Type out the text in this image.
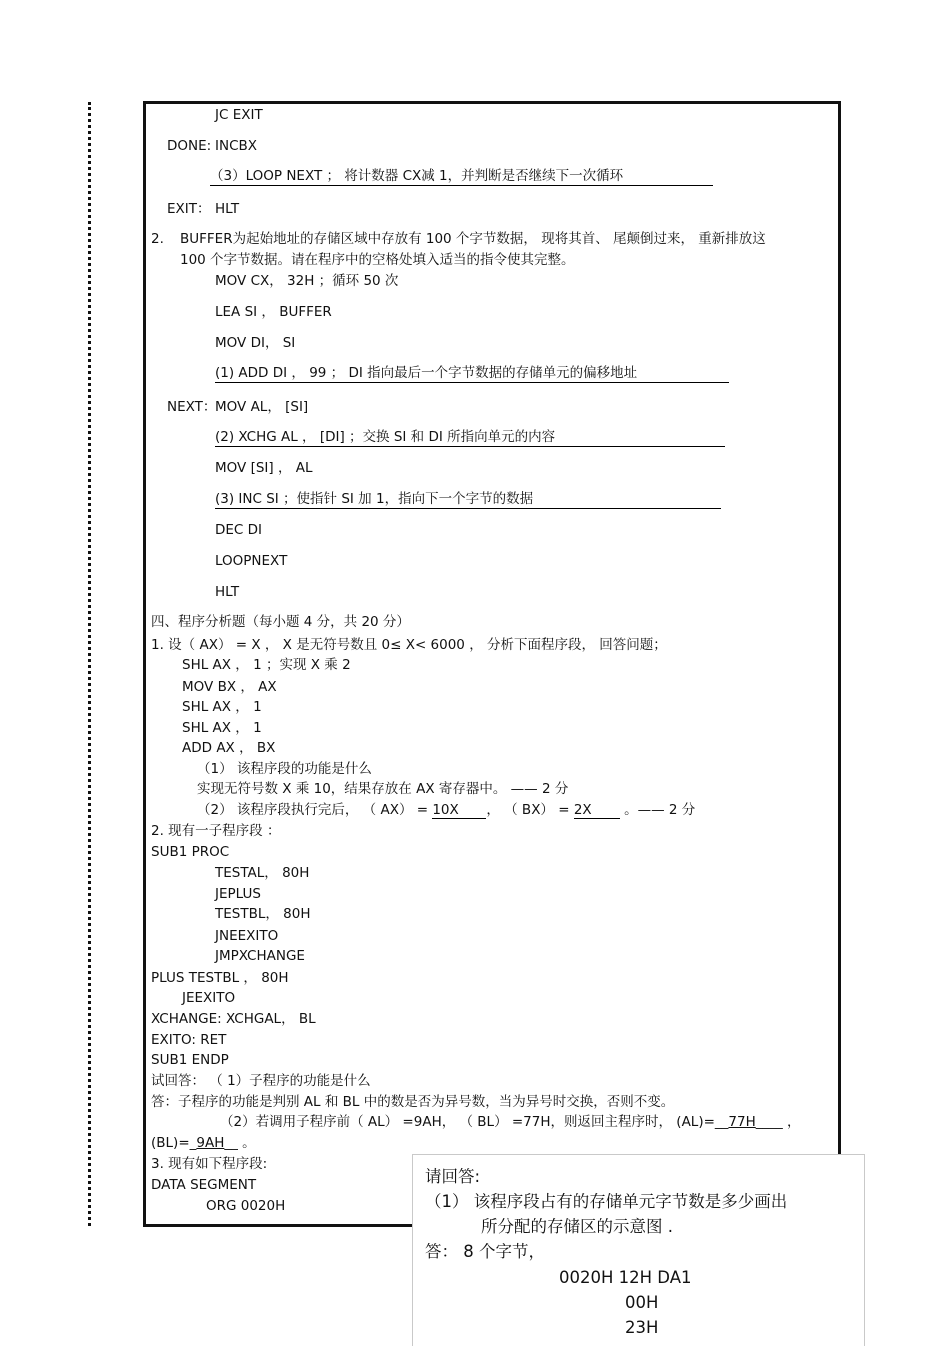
JC EXIT
DONE: INCBX
（3）LOOP NEXT ； 将计数器 CX减 1，并判断是否继续下一次循环
EXIT： HLT
2. BUFFER为起始地址的存储区域中存放有 100 个字节数据， 现将其首、 尾颠倒过来， 重新排放这
100 个字节数据。请在程序中的空格处填入适当的指令使其完整。
MOV CX， 32H ；循环 50 次
LEA SI ， BUFFER
MOV DI， SI
(1) ADD DI ， 99 ； DI 指向最后一个字节数据的存储单元的偏移地址
NEXT：
MOV AL， [SI]
(2) XCHG AL ， [DI] ；交换 SI 和 DI 所指向单元的内容
MOV [SI] ， AL
(3) INC SI ；使指针 SI 加 1，指向下一个字节的数据
DEC DI
LOOPNEXT
HLT
四、程序分析题（每小题 4 分，共 20 分）
1. 设（ AX） = X ， X 是无符号数且 0≤ X< 6000 ， 分析下面程序段， 回答问题；
SHL AX ， 1 ；实现 X 乘 2
MOV BX ， AX
SHL AX ， 1
SHL AX ， 1
ADD AX ， BX
（1） 该程序段的功能是什么
实现无符号数 X 乘 10，结果存放在 AX 寄存器中。 —— 2 分
（2） 该程序段执行完后， （ AX） = 10X ， （ BX） = 2X 。—— 2 分
2. 现有一子程序段 ：
SUB1 PROC
TESTAL， 80H
JEPLUS
TESTBL， 80H
JNEEXITO
JMPXCHANGE
PLUS TESTBL ， 80H
JEEXITO
XCHANGE: XCHGAL， BL
EXITO: RET
SUB1 ENDP
试回答： （ 1）子程序的功能是什么
答：子程序的功能是判别 AL 和 BL 中的数是否为异号数，当为异号时交换，否则不变。
（2）若调用子程序前（ AL） =9AH， （ BL） =77H，则返回主程序时， (AL)=__77H____ ，
(BL)=_9AH__ 。
3. 现有如下程序段:
DATA SEGMENT
ORG 0020H
请回答:
（1） 该程序段占有的存储单元字节数是多少画出
所分配的存储区的示意图 .
答： 8 个字节，
0020H 12H DA1
00H
23H
